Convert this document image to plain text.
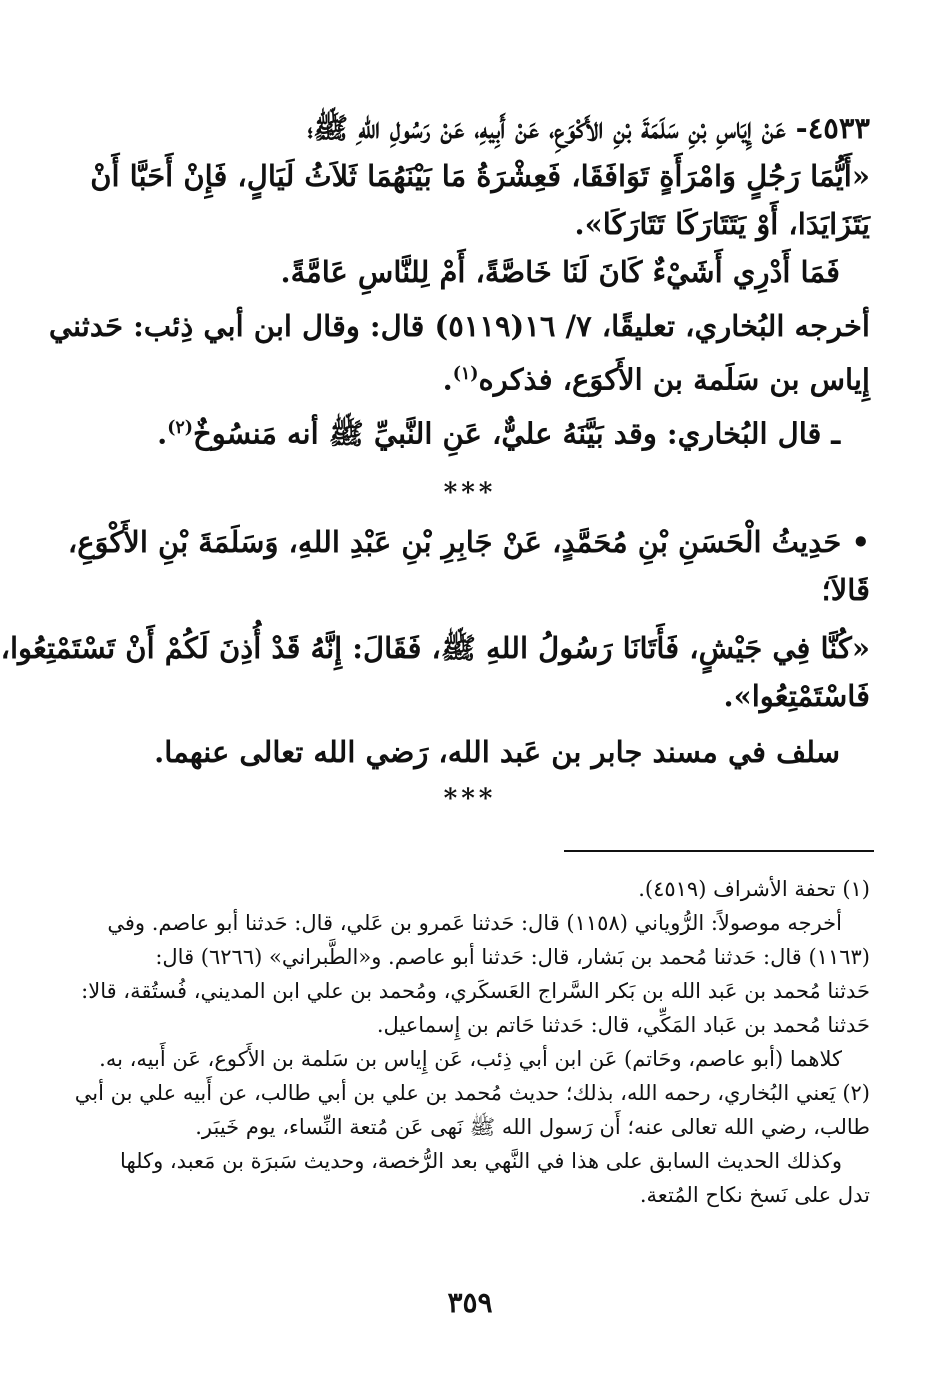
٤٥٣٣- عَنْ إِيَاسِ بْنِ سَلَمَةَ بْنِ الأَكْوَعِ، عَنْ أَبِيهِ، عَنْ رَسُولِ اللهِ ﷺ؛
«أَيُّمَا رَجُلٍ وَامْرَأَةٍ تَوَافَقَا، فَعِشْرَةُ مَا بَيْنَهُمَا ثَلاَثُ لَيَالٍ، فَإِنْ أَحَبَّا أَنْ
يَتَزَايَدَا، أَوْ يَتَتَارَكَا تَتَارَكَا».
فَمَا أَدْرِي أَشَيْءٌ كَانَ لَنَا خَاصَّةً، أَمْ لِلنَّاسِ عَامَّةً.
أخرجه البُخاري، تعليقًا، ٧/ ١٦(٥١١٩) قال: وقال ابن أبي ذِئب: حَدثني
إِياس بن سَلَمة بن الأَكوَع، فذكره$^{(١)}$.
ـ قال البُخاري: وقد بَيَّنَهُ عليٌّ، عَنِ النَّبيِّ ﷺ أنه مَنسُوخٌ$^{(٢)}$.
***
• حَدِيثُ الْحَسَنِ بْنِ مُحَمَّدٍ، عَنْ جَابِرِ بْنِ عَبْدِ اللهِ، وَسَلَمَةَ بْنِ الأَكْوَعِ،
قَالاَ؛
«كُنَّا فِي جَيْشٍ، فَأَتَانَا رَسُولُ اللهِ ﷺ، فَقَالَ: إِنَّهُ قَدْ أُذِنَ لَكُمْ أَنْ تَسْتَمْتِعُوا،
فَاسْتَمْتِعُوا».
سلف في مسند جابر بن عَبد الله، رَضي الله تعالى عنهما.
***
(١) تحفة الأشراف (٤٥١٩).
أخرجه موصولاً: الرُّوياني (١١٥٨) قال: حَدثنا عَمرو بن عَلي، قال: حَدثنا أبو عاصم. وفي
(١١٦٣) قال: حَدثنا مُحمد بن بَشار، قال: حَدثنا أبو عاصم. و«الطَّبراني» (٦٢٦٦) قال:
حَدثنا مُحمد بن عَبد الله بن بَكر السَّراج العَسكَري، ومُحمد بن علي ابن المديني، فُستُقة، قالا:
حَدثنا مُحمد بن عَباد المَكِّي، قال: حَدثنا حَاتم بن إِسماعيل.
كلاهما (أبو عاصم، وحَاتم) عَن ابن أبي ذِئب، عَن إِياس بن سَلمة بن الأَكوع، عَن أَبيه، به.
(٢) يَعني البُخاري، رحمه الله، بذلك؛ حديث مُحمد بن علي بن أبي طالب، عن أَبيه علي بن أبي
طالب، رضي الله تعالى عنه؛ أَن رَسول الله ﷺ نَهى عَن مُتعة النِّساء، يوم خَيبَر.
وكذلك الحديث السابق على هذا في النَّهي بعد الرُّخصة، وحديث سَبرَة بن مَعبد، وكلها
تدل على نَسخ نكاح المُتعة.
٣٥٩
